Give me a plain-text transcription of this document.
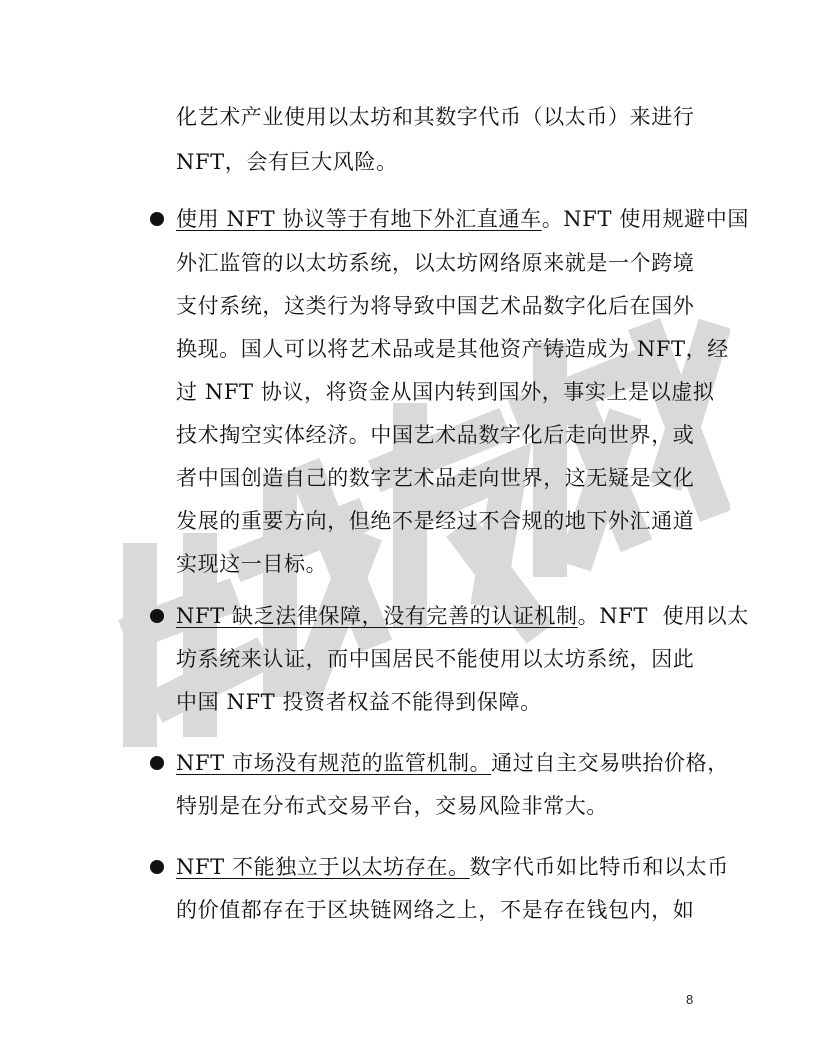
化艺术产业使用以太坊和其数字代币（以太币）来进行
NFT，会有巨大风险。
使用 NFT 协议等于有地下外汇直通车。NFT 使用规避中国
外汇监管的以太坊系统，以太坊网络原来就是一个跨境
支付系统，这类行为将导致中国艺术品数字化后在国外
换现。国人可以将艺术品或是其他资产铸造成为 NFT，经
过 NFT 协议，将资金从国内转到国外，事实上是以虚拟
技术掏空实体经济。中国艺术品数字化后走向世界，或
者中国创造自己的数字艺术品走向世界，这无疑是文化
发展的重要方向，但绝不是经过不合规的地下外汇通道
实现这一目标。
NFT 缺乏法律保障，没有完善的认证机制。NFT  使用以太
坊系统来认证，而中国居民不能使用以太坊系统，因此
中国 NFT 投资者权益不能得到保障。
NFT 市场没有规范的监管机制。通过自主交易哄抬价格，
特别是在分布式交易平台，交易风险非常大。
NFT 不能独立于以太坊存在。数字代币如比特币和以太币
的价值都存在于区块链网络之上，不是存在钱包内，如
8
